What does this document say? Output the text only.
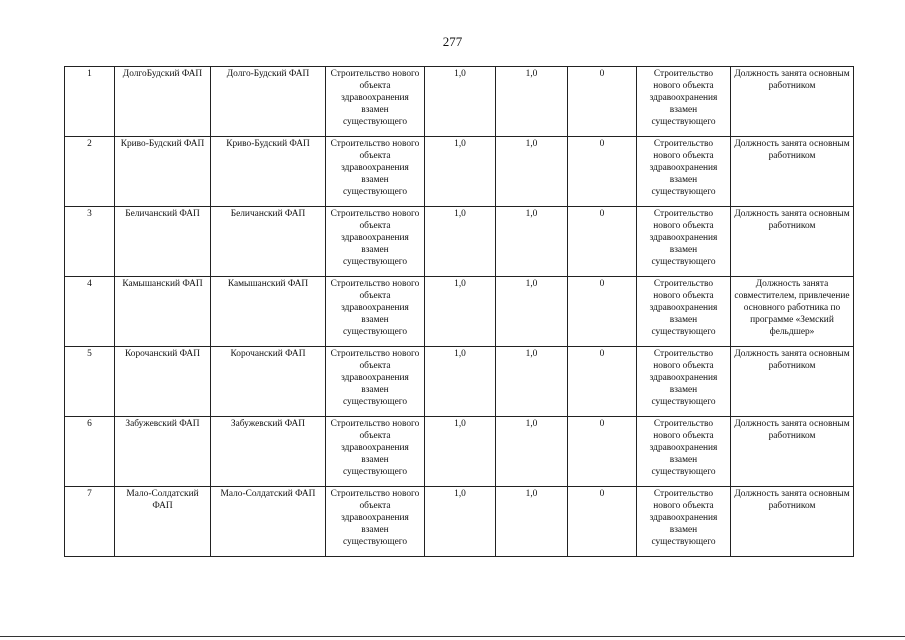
277
1	ДолгоБудский ФАП	Долго-Будский ФАП	Строительство нового объекта здравоохранения взамен существующего	1,0	1,0	0	Строительство нового объекта здравоохранения взамен существующего	Должность занята основным работником
2	Криво-Будский ФАП	Криво-Будский ФАП	Строительство нового объекта здравоохранения взамен существующего	1,0	1,0	0	Строительство нового объекта здравоохранения взамен существующего	Должность занята основным работником
3	Беличанский ФАП	Беличанский ФАП	Строительство нового объекта здравоохранения взамен существующего	1,0	1,0	0	Строительство нового объекта здравоохранения взамен существующего	Должность занята основным работником
4	Камышанский ФАП	Камышанский ФАП	Строительство нового объекта здравоохранения взамен существующего	1,0	1,0	0	Строительство нового объекта здравоохранения взамен существующего	Должность занята совместителем, привлечение основного работника по программе «Земский фельдшер»
5	Корочанский ФАП	Корочанский ФАП	Строительство нового объекта здравоохранения взамен существующего	1,0	1,0	0	Строительство нового объекта здравоохранения взамен существующего	Должность занята основным работником
6	Забужевский ФАП	Забужевский ФАП	Строительство нового объекта здравоохранения взамен существующего	1,0	1,0	0	Строительство нового объекта здравоохранения взамен существующего	Должность занята основным работником
7	Мало-Солдатский ФАП	Мало-Солдатский ФАП	Строительство нового объекта здравоохранения взамен существующего	1,0	1,0	0	Строительство нового объекта здравоохранения взамен существующего	Должность занята основным работником
